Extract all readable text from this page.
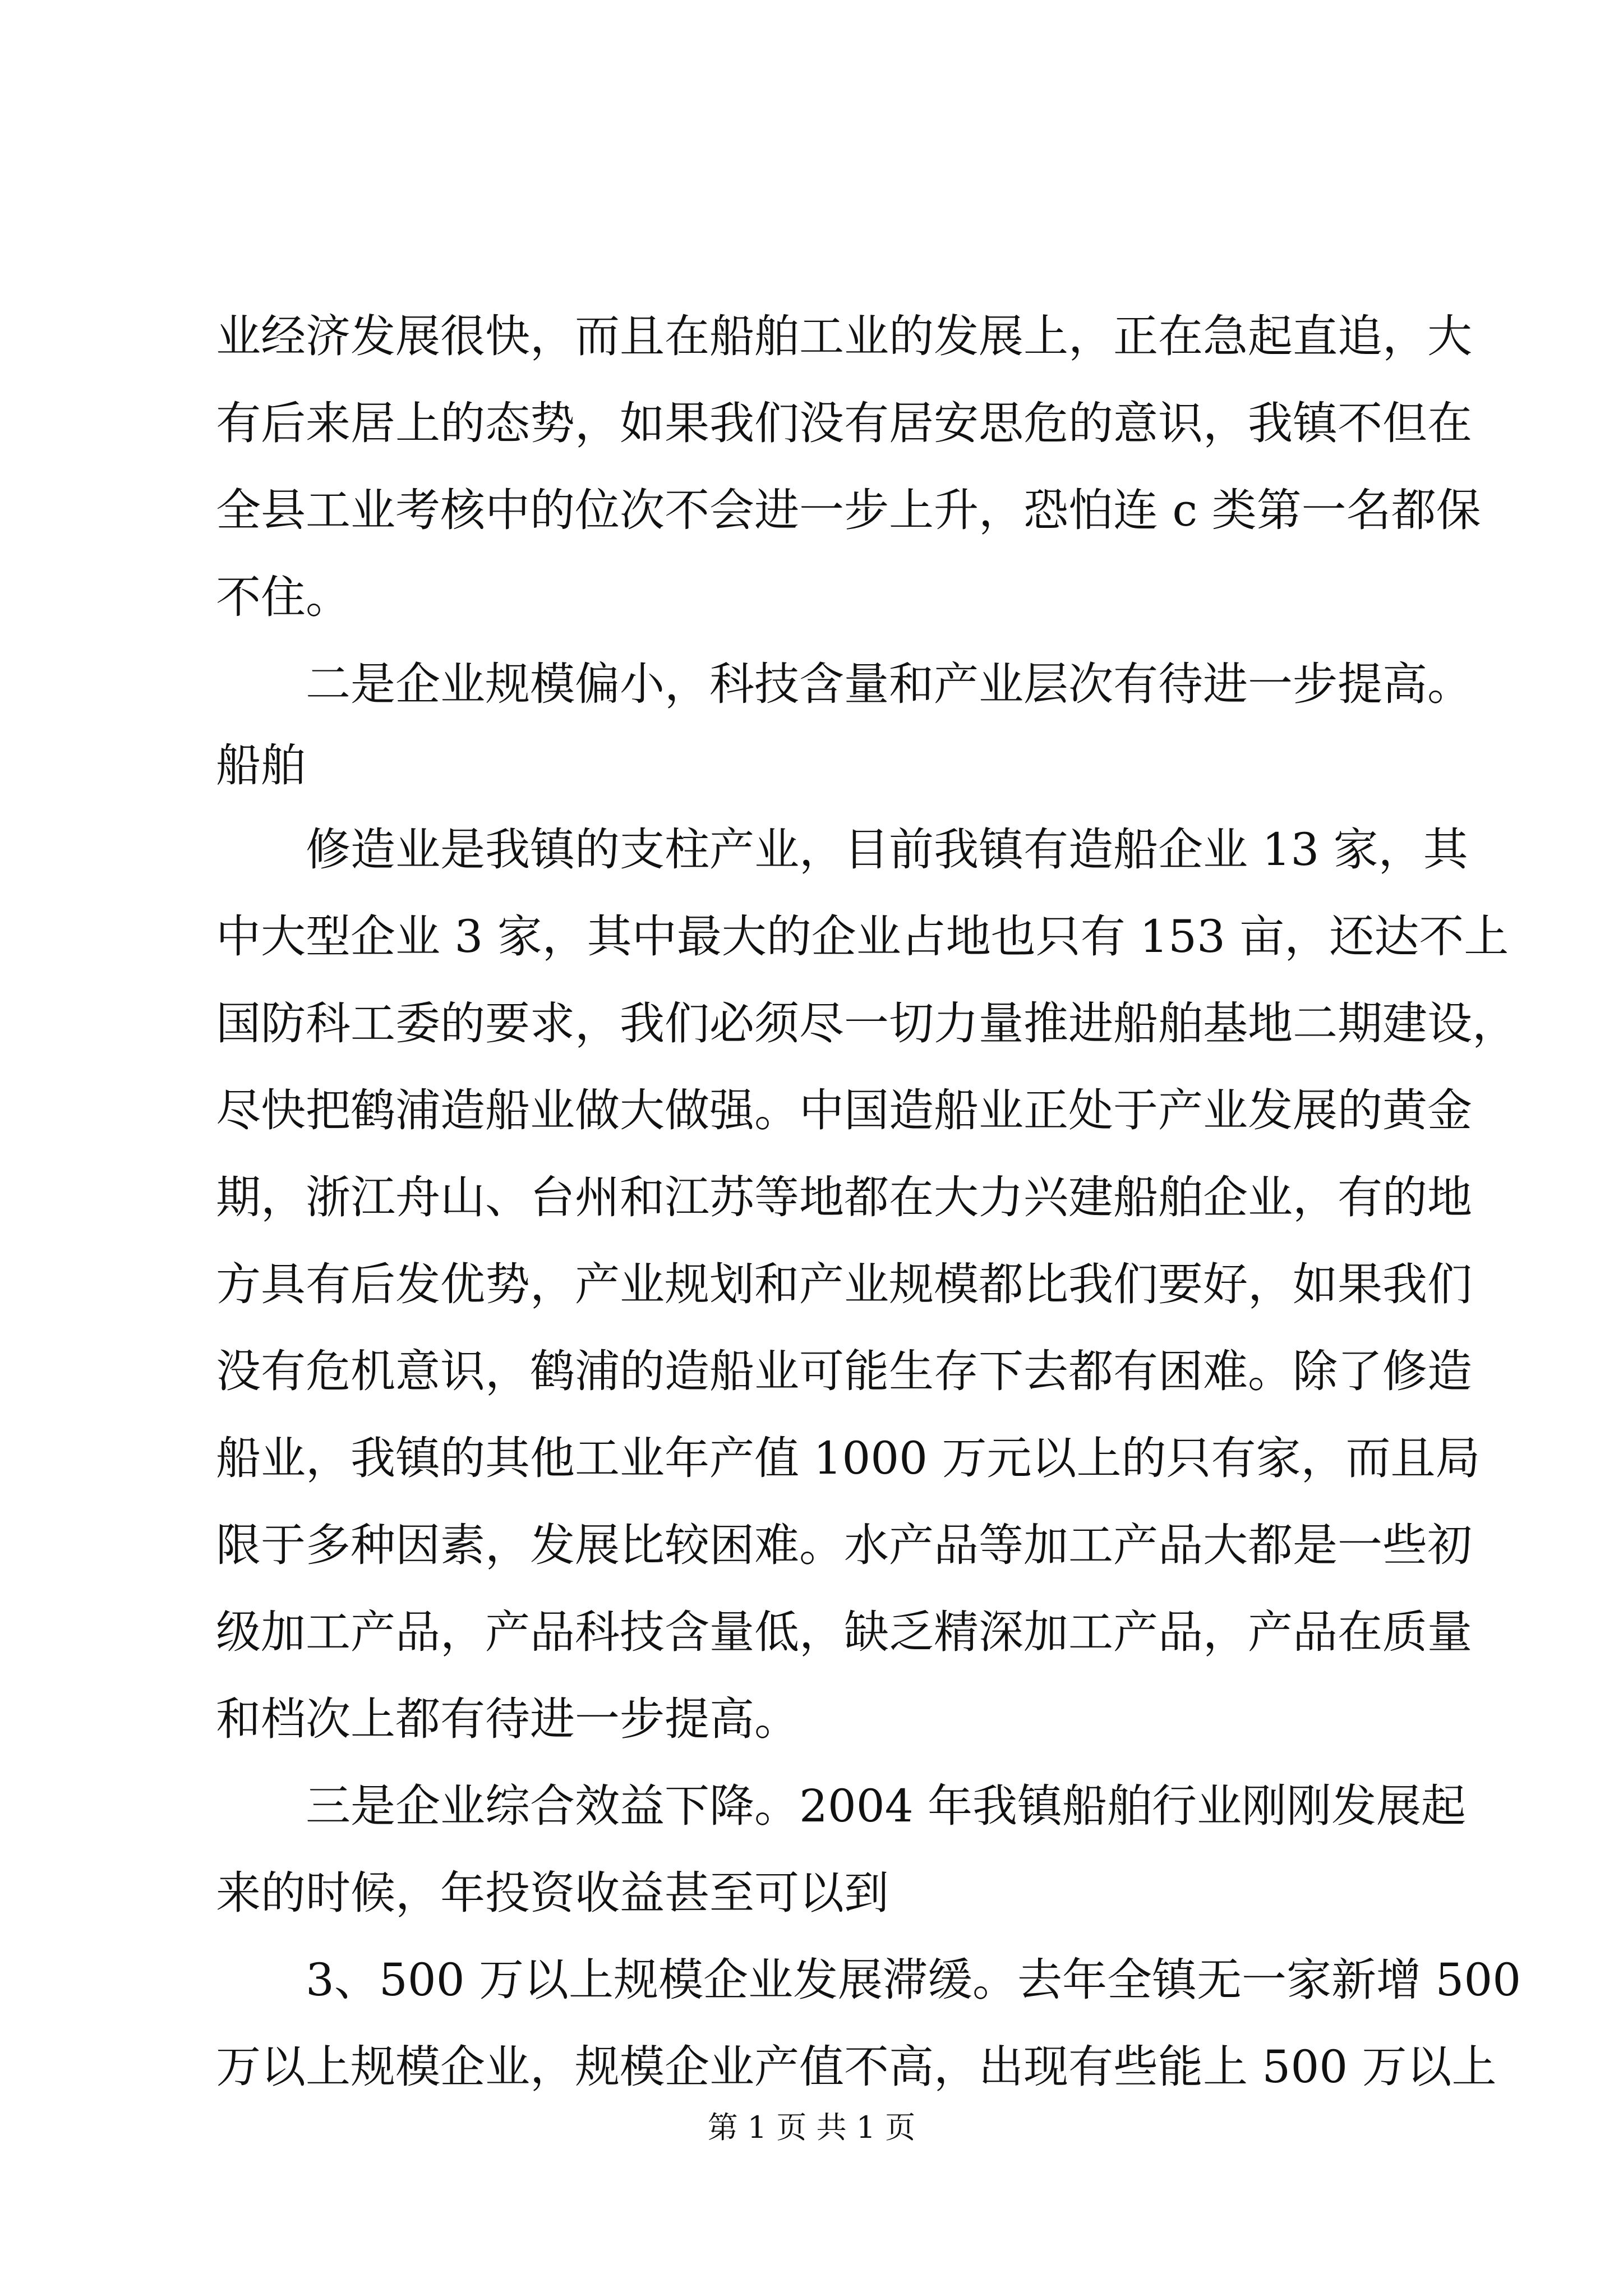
业经济发展很快，而且在船舶工业的发展上，正在急起直追，大
有后来居上的态势，如果我们没有居安思危的意识，我镇不但在
全县工业考核中的位次不会进一步上升，恐怕连 c 类第一名都保
不住。
二是企业规模偏小，科技含量和产业层次有待进一步提高。
船舶
修造业是我镇的支柱产业，目前我镇有造船企业 13 家，其
中大型企业 3 家，其中最大的企业占地也只有 153 亩，还达不上
国防科工委的要求，我们必须尽一切力量推进船舶基地二期建设，
尽快把鹤浦造船业做大做强。中国造船业正处于产业发展的黄金
期，浙江舟山、台州和江苏等地都在大力兴建船舶企业，有的地
方具有后发优势，产业规划和产业规模都比我们要好，如果我们
没有危机意识，鹤浦的造船业可能生存下去都有困难。除了修造
船业，我镇的其他工业年产值 1000 万元以上的只有家，而且局
限于多种因素，发展比较困难。水产品等加工产品大都是一些初
级加工产品，产品科技含量低，缺乏精深加工产品，产品在质量
和档次上都有待进一步提高。
三是企业综合效益下降。2004 年我镇船舶行业刚刚发展起
来的时候，年投资收益甚至可以到
3、500 万以上规模企业发展滞缓。去年全镇无一家新增 500
万以上规模企业，规模企业产值不高，出现有些能上 500 万以上
第 1 页 共 1 页
